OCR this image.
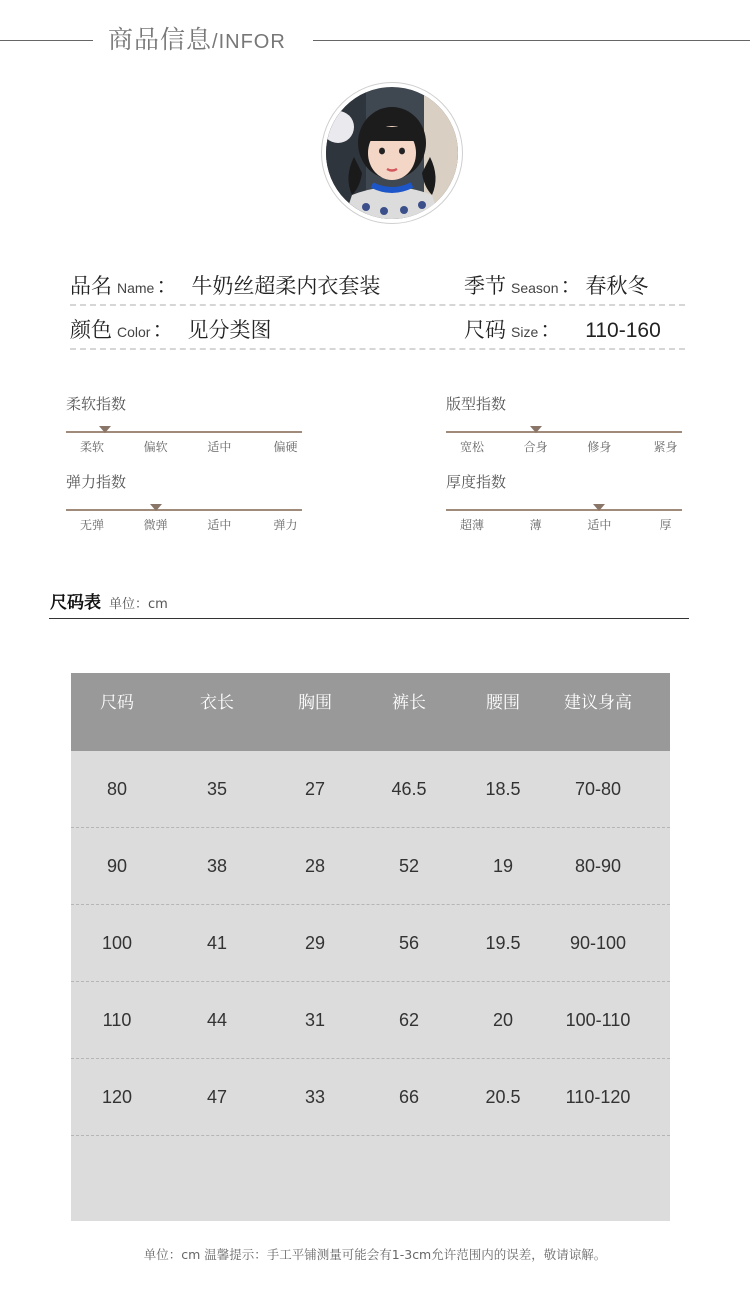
商品信息/INFOR
品名 Name： 牛奶丝超柔内衣套装	季节 Season： 春秋冬
颜色 Color： 见分类图	尺码 Size： 110-160
柔软指数
柔软	偏软	适中	偏硬
版型指数
宽松	合身	修身	紧身
弹力指数
无弹	微弹	适中	弹力
厚度指数
超薄	薄	适中	厚
尺码表 单位：cm
尺码	衣长	胸围	裤长	腰围	建议身高
80	35	27	46.5	18.5	70-80
90	38	28	52	19	80-90
100	41	29	56	19.5	90-100
110	44	31	62	20	100-110
120	47	33	66	20.5	110-120
单位：cm 温馨提示：手工平铺测量可能会有1-3cm允许范围内的误差，敬请谅解。
